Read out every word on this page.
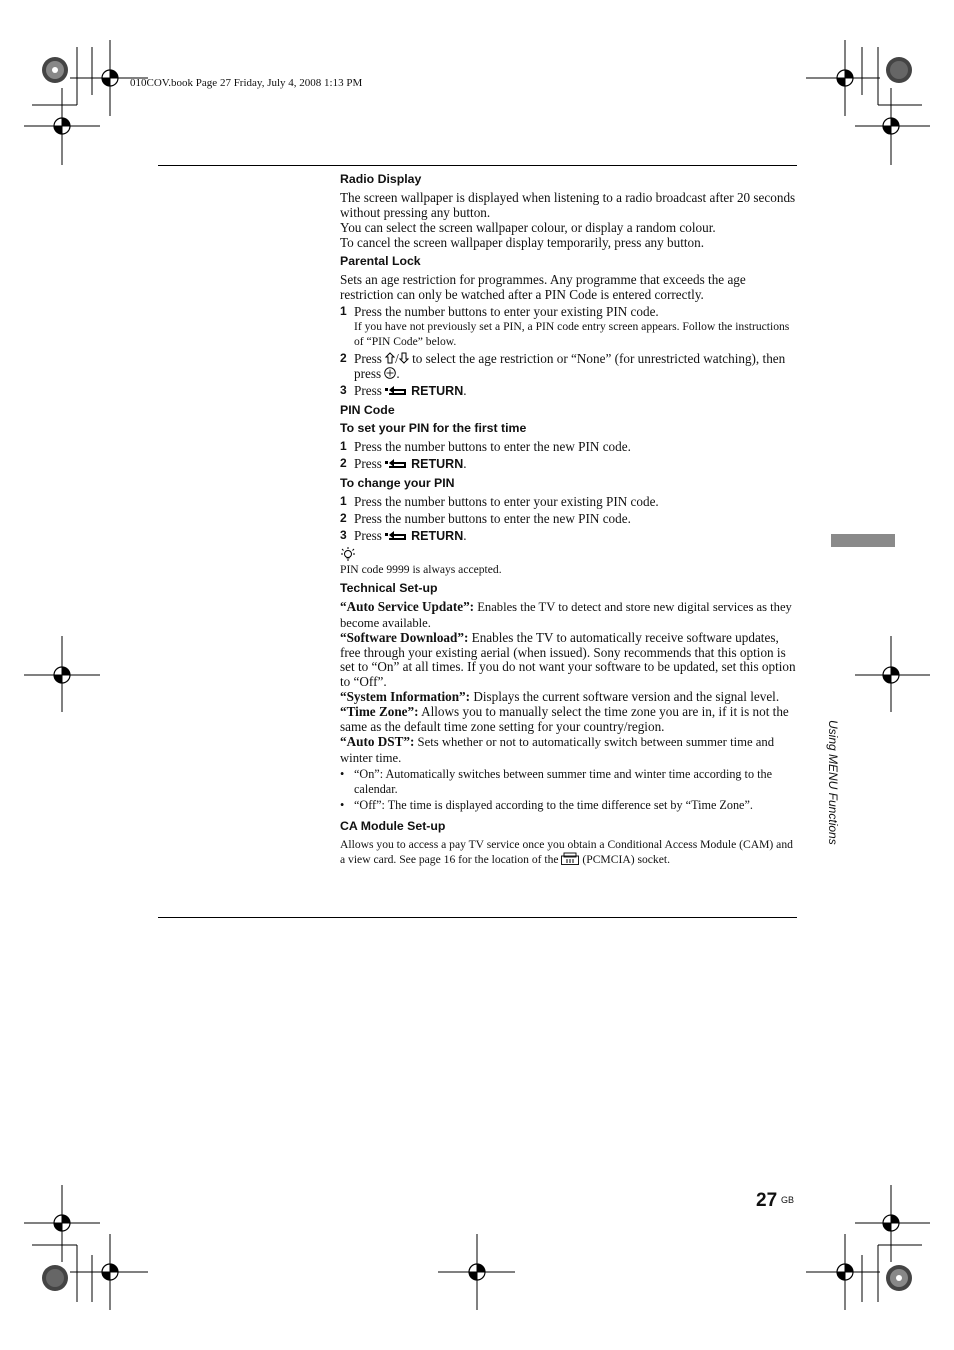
010COV.book Page 27 Friday, July 4, 2008 1:13 PM
Radio Display

The screen wallpaper is displayed when listening to a radio broadcast after 20 seconds without pressing any button.

You can select the screen wallpaper colour, or display a random colour.

To cancel the screen wallpaper display temporarily, press any button.

Parental Lock

Sets an age restriction for programmes. Any programme that exceeds the age restriction can only be watched after a PIN Code is entered correctly.

1 Press the number buttons to enter your existing PIN code.
If you have not previously set a PIN, a PIN code entry screen appears. Follow the instructions of “PIN Code” below.
2 Press / to select the age restriction or “None” (for unrestricted watching), then press .
3 Press RETURN.
PIN Code
To set your PIN for the first time
1 Press the number buttons to enter the new PIN code.
2 Press RETURN.
To change your PIN
1 Press the number buttons to enter your existing PIN code.
2 Press the number buttons to enter the new PIN code.
3 Press RETURN.
PIN code 9999 is always accepted.
Technical Set-up

“Auto Service Update”: Enables the TV to detect and store new digital services as they become available.

“Software Download”: Enables the TV to automatically receive software updates, free through your existing aerial (when issued). Sony recommends that this option is set to “On” at all times. If you do not want your software to be updated, set this option to “Off”.

“System Information”: Displays the current software version and the signal level.

“Time Zone”: Allows you to manually select the time zone you are in, if it is not the same as the default time zone setting for your country/region.

“Auto DST”: Sets whether or not to automatically switch between summer time and winter time.

• “On”: Automatically switches between summer time and winter time according to the calendar.
• “Off”: The time is displayed according to the time difference set by “Time Zone”.
CA Module Set-up

Allows you to access a pay TV service once you obtain a Conditional Access Module (CAM) and a view card. See page 16 for the location of the  (PCMCIA) socket.

Using MENU Functions
27 GB
